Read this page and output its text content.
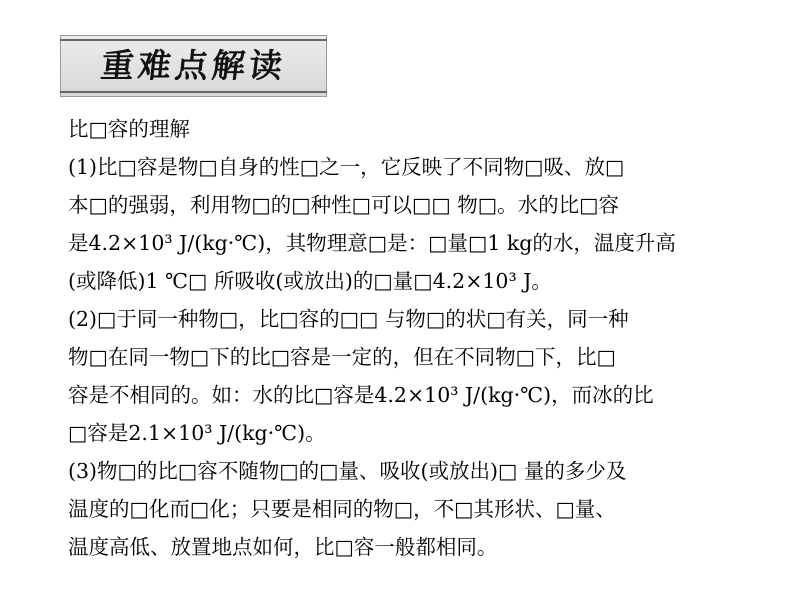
重难点解读
比□容的理解
(1)比□容是物□自身的性□之一，它反映了不同物□吸、放□
本□的强弱，利用物□的□种性□可以□□ 物□。水的比□容
是4.2×10³ J/(kg·℃)，其物理意□是：□量□1 kg的水，温度升高
(或降低)1 ℃□ 所吸收(或放出)的□量□4.2×10³ J。
(2)□于同一种物□，比□容的□□ 与物□的状□有关，同一种
物□在同一物□下的比□容是一定的，但在不同物□下，比□
容是不相同的。如：水的比□容是4.2×10³ J/(kg·℃)，而冰的比
□容是2.1×10³ J/(kg·℃)。
(3)物□的比□容不随物□的□量、吸收(或放出)□ 量的多少及
温度的□化而□化；只要是相同的物□，不□其形状、□量、
温度高低、放置地点如何，比□容一般都相同。
